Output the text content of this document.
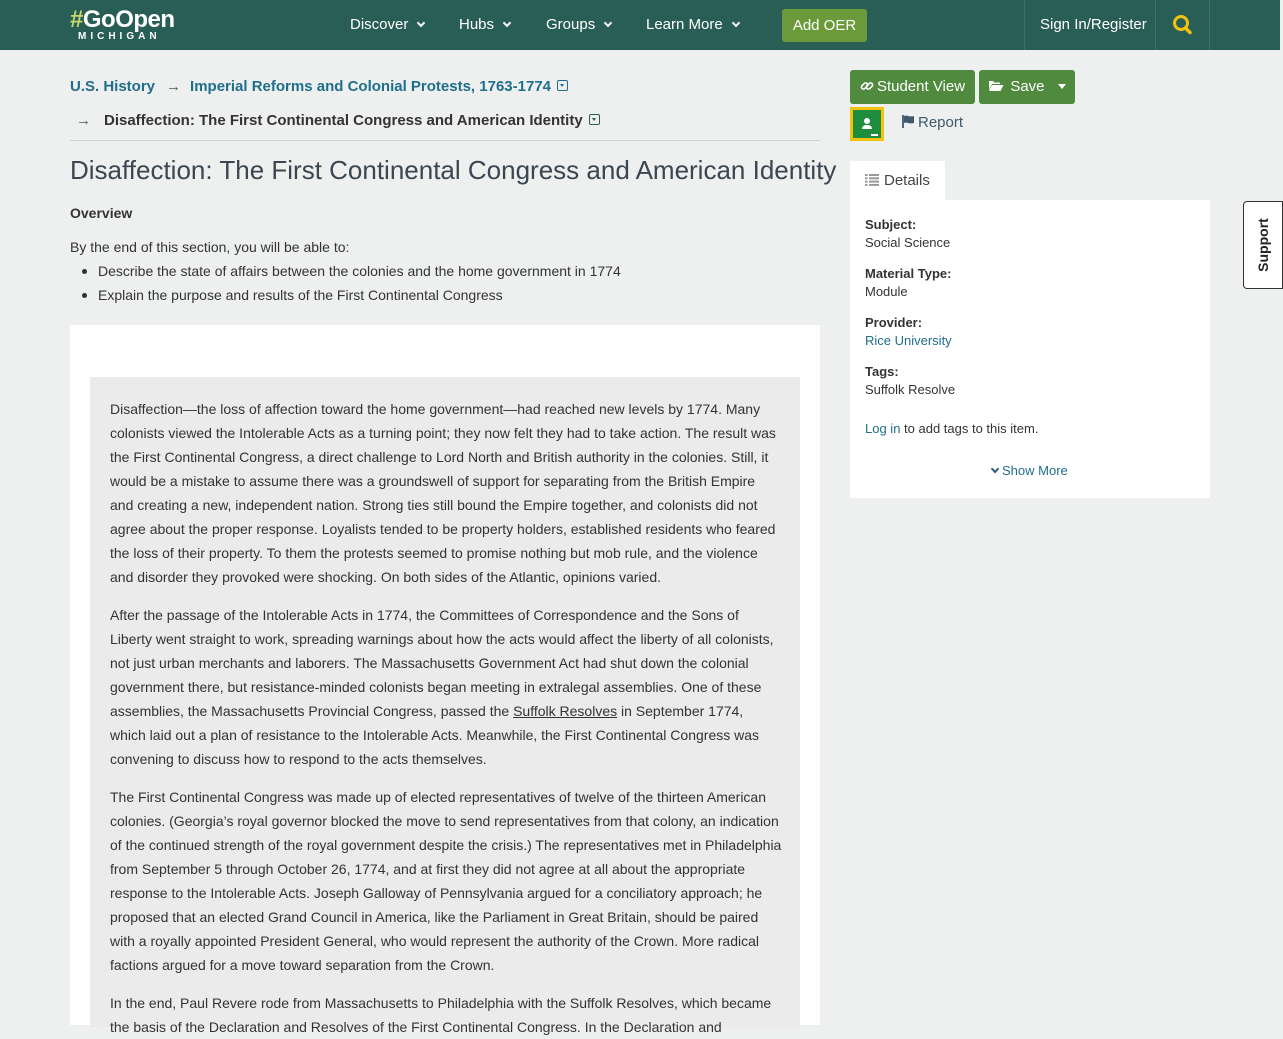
#GoOpen
MICHIGAN
Discover	Hubs	Groups	Learn More	Add OER	Sign In/Register
U.S. History → Imperial Reforms and Colonial Protests, 1763-1774
→ Disaffection: The First Continental Congress and American Identity
Disaffection: The First Continental Congress and American Identity
Overview
By the end of this section, you will be able to:
Describe the state of affairs between the colonies and the home government in 1774
Explain the purpose and results of the First Continental Congress

Disaffection—the loss of affection toward the home government—had reached new levels by 1774. Many colonists viewed the Intolerable Acts as a turning point; they now felt they had to take action. The result was the First Continental Congress, a direct challenge to Lord North and British authority in the colonies. Still, it would be a mistake to assume there was a groundswell of support for separating from the British Empire and creating a new, independent nation. Strong ties still bound the Empire together, and colonists did not agree about the proper response. Loyalists tended to be property holders, established residents who feared the loss of their property. To them the protests seemed to promise nothing but mob rule, and the violence and disorder they provoked were shocking. On both sides of the Atlantic, opinions varied.

After the passage of the Intolerable Acts in 1774, the Committees of Correspondence and the Sons of Liberty went straight to work, spreading warnings about how the acts would affect the liberty of all colonists, not just urban merchants and laborers. The Massachusetts Government Act had shut down the colonial government there, but resistance-minded colonists began meeting in extralegal assemblies. One of these assemblies, the Massachusetts Provincial Congress, passed the Suffolk Resolves in September 1774, which laid out a plan of resistance to the Intolerable Acts. Meanwhile, the First Continental Congress was convening to discuss how to respond to the acts themselves.

The First Continental Congress was made up of elected representatives of twelve of the thirteen American colonies. (Georgia’s royal governor blocked the move to send representatives from that colony, an indication of the continued strength of the royal government despite the crisis.) The representatives met in Philadelphia from September 5 through October 26, 1774, and at first they did not agree at all about the appropriate response to the Intolerable Acts. Joseph Galloway of Pennsylvania argued for a conciliatory approach; he proposed that an elected Grand Council in America, like the Parliament in Great Britain, should be paired with a royally appointed President General, who would represent the authority of the Crown. More radical factions argued for a move toward separation from the Crown.

In the end, Paul Revere rode from Massachusetts to Philadelphia with the Suffolk Resolves, which became the basis of the Declaration and Resolves of the First Continental Congress. In the Declaration and

Student View	Save
Report
Details
Subject:
Social Science
Material Type:
Module
Provider:
Rice University
Tags:
Suffolk Resolve
Log in to add tags to this item.
Show More
Support
